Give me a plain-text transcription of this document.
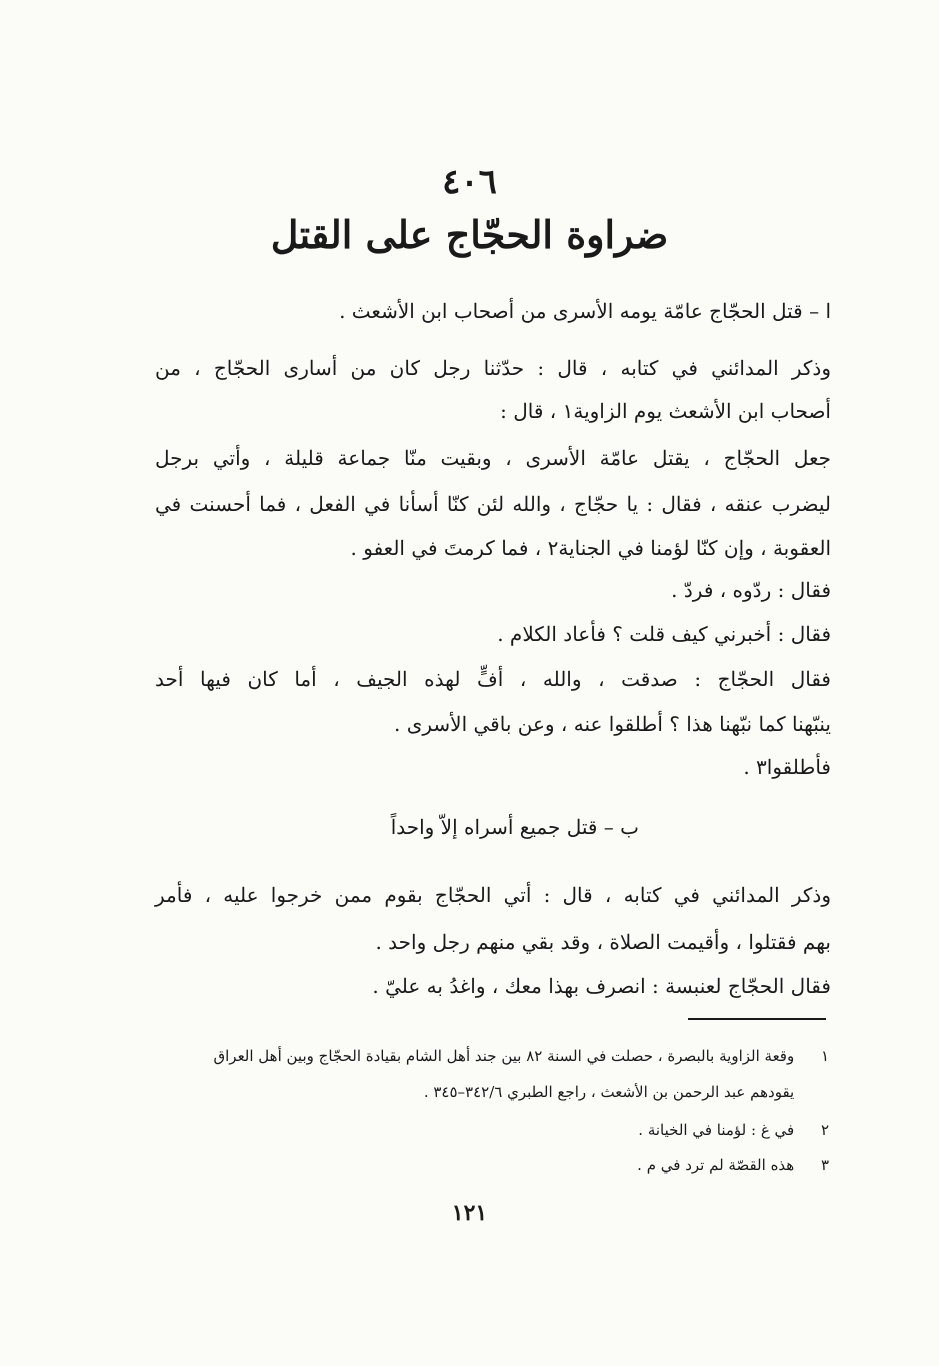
٤٠٦
ضراوة الحجّاج على القتل
ا – قتل الحجّاج عامّة يومه الأسرى من أصحاب ابن الأشعث .
وذكر المدائني في كتابه ، قال : حدّثنا رجل كان من أسارى الحجّاج ، من
أصحاب ابن الأشعث يوم الزاوية١ ، قال :
جعل الحجّاج ، يقتل عامّة الأسرى ، وبقيت منّا جماعة قليلة ، وأتي برجل
ليضرب عنقه ، فقال : يا حجّاج ، والله لئن كنّا أسأنا في الفعل ، فما أحسنت في
العقوبة ، وإن كنّا لؤمنا في الجناية٢ ، فما كرمتَ في العفو .
فقال : ردّوه ، فردّ .
فقال : أخبرني كيف قلت ؟ فأعاد الكلام .
فقال الحجّاج : صدقت ، والله ، أفٍّ لهذه الجيف ، أما كان فيها أحد
ينبّهنا كما نبّهنا هذا ؟ أطلقوا عنه ، وعن باقي الأسرى .
فأطلقوا٣ .
ب – قتل جميع أسراه إلاّ واحداً
وذكر المدائني في كتابه ، قال : أتي الحجّاج بقوم ممن خرجوا عليه ، فأمر
بهم فقتلوا ، وأقيمت الصلاة ، وقد بقي منهم رجل واحد .
فقال الحجّاج لعنبسة : انصرف بهذا معك ، واغدُ به عليّ .
١ وقعة الزاوية بالبصرة ، حصلت في السنة ٨٢ بين جند أهل الشام بقيادة الحجّاج وبين أهل العراق
يقودهم عبد الرحمن بن الأشعث ، راجع الطبري ٣٤٢/٦–٣٤٥ .
٢ في غ : لؤمنا في الخيانة .
٣ هذه القصّة لم ترد في م .
١٢١
